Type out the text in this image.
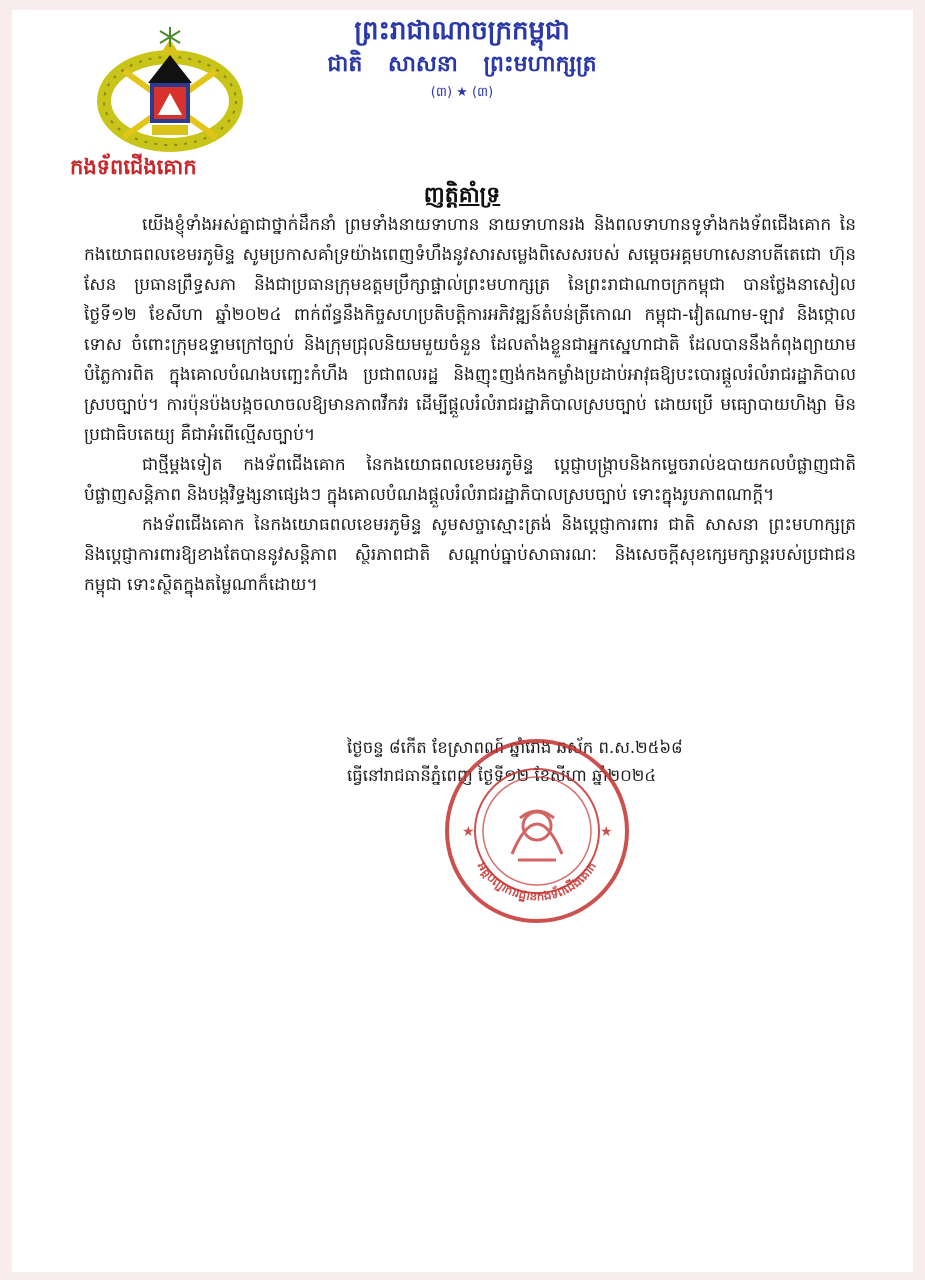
ព្រះរាជាណាចក្រកម្ពុជា
ជាតិ សាសនា ព្រះមហាក្សត្រ
(៣) ★ (៣)
កងទ័ពជើងគោក
ញត្តិគាំទ្រ

យើងខ្ញុំទាំងអស់គ្នាជាថ្នាក់ដឹកនាំ ព្រមទាំងនាយទាហាន នាយទាហានរង និងពលទាហានទូទាំងកងទ័ពជើងគោក នៃកងយោធពលខេមរភូមិន្ទ សូមប្រកាសគាំទ្រយ៉ាងពេញទំហឹងនូវសារសម្លេងពិសេសរបស់ សម្តេចអគ្គមហាសេនាបតីតេជោ ហ៊ុន សែន ប្រធានព្រឹទ្ធសភា និងជាប្រធានក្រុមឧត្តមប្រឹក្សាផ្ទាល់ព្រះមហាក្សត្រ នៃព្រះរាជាណាចក្រកម្ពុជា បានថ្លែងនាសៀលថ្ងៃទី១២ ខែសីហា ឆ្នាំ២០២៤ ពាក់ព័ន្ធនឹងកិច្ចសហប្រតិបត្តិការអភិវឌ្ឍន៍តំបន់ត្រីកោណ កម្ពុជា-វៀតណាម-ឡាវ និងថ្កោលទោស ចំពោះក្រុមឧទ្ទាមក្រៅច្បាប់ និងក្រុមជ្រុលនិយមមួយចំនួន ដែលតាំងខ្លួនជាអ្នកស្នេហាជាតិ ដែលបាននឹងកំពុងព្យាយាម បំភ្លៃការពិត ក្នុងគោលបំណងបញ្ឆេះកំហឹង ប្រជាពលរដ្ឋ និងញុះញង់កងកម្លាំងប្រដាប់អាវុធឱ្យបះបោរផ្តួលរំលំរាជរដ្ឋាភិបាលស្របច្បាប់។ ការប៉ុនប៉ងបង្កចលាចលឱ្យមានភាពវឹកវរ ដើម្បីផ្តួលរំលំរាជរដ្ឋាភិបាលស្របច្បាប់ ដោយប្រើ មធ្យោបាយហិង្សា មិនប្រជាធិបតេយ្យ គឺជាអំពើល្មើសច្បាប់។

ជាថ្មីម្តងទៀត កងទ័ពជើងគោក នៃកងយោធពលខេមរភូមិន្ទ ប្តេជ្ញាបង្ក្រាបនិងកម្ទេចរាល់ឧបាយកលបំផ្លាញជាតិ បំផ្លាញសន្តិភាព និងបង្កវិទ្ធង្សនាផ្សេងៗ ក្នុងគោលបំណងផ្តួលរំលំរាជរដ្ឋាភិបាលស្របច្បាប់ ទោះក្នុងរូបភាពណាក្តី។

កងទ័ពជើងគោក នៃកងយោធពលខេមរភូមិន្ទ សូមសច្ចាស្មោះត្រង់ និងប្តេជ្ញាការពារ ជាតិ សាសនា ព្រះមហាក្សត្រ និងប្តេជ្ញាការពារឱ្យខាងតែបាននូវសន្តិភាព ស្ថិរភាពជាតិ សណ្តាប់ធ្នាប់សាធារណៈ និងសេចក្តីសុខក្សេមក្សាន្តរបស់ប្រជាជនកម្ពុជា ទោះស្ថិតក្នុងតម្លៃណាក៏ដោយ។

ថ្ងៃចន្ទ ៨កើត ខែស្រាពណ៍ ឆ្នាំរោង ឆស័ក ព.ស.២៥៦៨
ធ្វើនៅរាជធានីភ្នំពេញ ថ្ងៃទី១២ ខែសីហា ឆ្នាំ២០២៤
អគ្គបញ្ជាការដ្ឋានកងទ័ពជើងគោក
★	★
